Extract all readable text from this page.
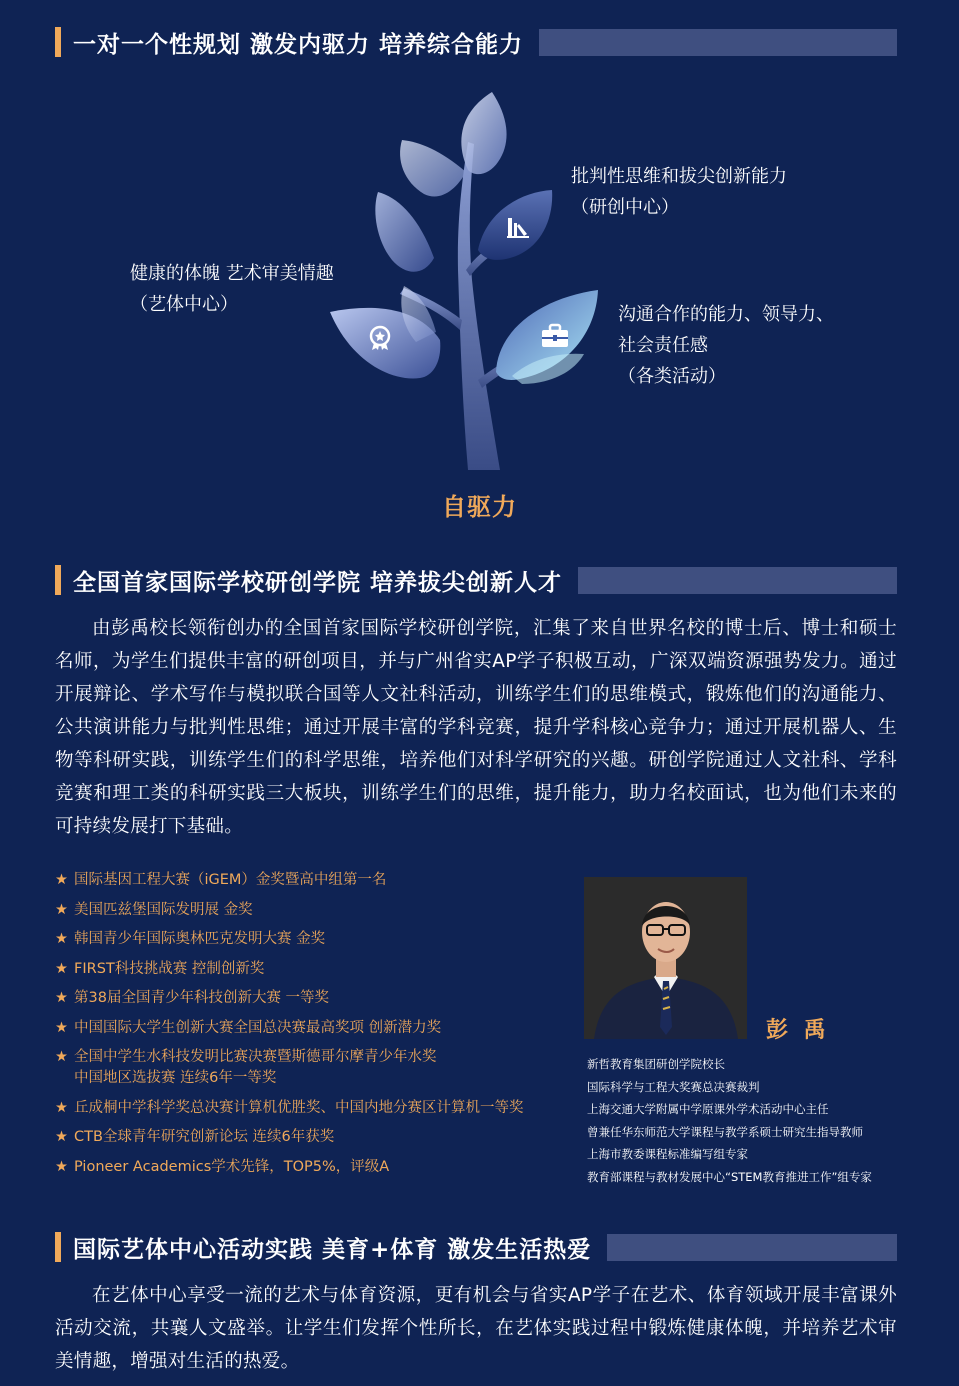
一对一个性规划 激发内驱力 培养综合能力
批判性思维和拔尖创新能力
（研创中心）
健康的体魄 艺术审美情趣
（艺体中心）	沟通合作的能力、领导力、
社会责任感
（各类活动）
自驱力
全国首家国际学校研创学院 培养拔尖创新人才
由彭禹校长领衔创办的全国首家国际学校研创学院，汇集了来自世界名校的博士后、博士和硕士名师，为学生们提供丰富的研创项目，并与广州省实AP学子积极互动，广深双端资源强势发力。通过开展辩论、学术写作与模拟联合国等人文社科活动，训练学生们的思维模式，锻炼他们的沟通能力、公共演讲能力与批判性思维；通过开展丰富的学科竞赛，提升学科核心竞争力；通过开展机器人、生物等科研实践，训练学生们的科学思维，培养他们对科学研究的兴趣。研创学院通过人文社科、学科竞赛和理工类的科研实践三大板块，训练学生们的思维，提升能力，助力名校面试，也为他们未来的可持续发展打下基础。
★ 国际基因工程大赛（iGEM）金奖暨高中组第一名
★ 美国匹兹堡国际发明展 金奖
★ 韩国青少年国际奥林匹克发明大赛 金奖
★ FIRST科技挑战赛 控制创新奖
★ 第38届全国青少年科技创新大赛 一等奖
★ 中国国际大学生创新大赛全国总决赛最高奖项 创新潜力奖
★ 全国中学生水科技发明比赛决赛暨斯德哥尔摩青少年水奖
中国地区选拔赛 连续6年一等奖
★ 丘成桐中学科学奖总决赛计算机优胜奖、中国内地分赛区计算机一等奖
★ CTB全球青年研究创新论坛 连续6年获奖
★ Pioneer Academics学术先锋，TOP5%，评级A
彭 禹
新哲教育集团研创学院校长
国际科学与工程大奖赛总决赛裁判
上海交通大学附属中学原课外学术活动中心主任
曾兼任华东师范大学课程与教学系硕士研究生指导教师
上海市教委课程标准编写组专家
教育部课程与教材发展中心“STEM教育推进工作”组专家
国际艺体中心活动实践 美育+体育 激发生活热爱
在艺体中心享受一流的艺术与体育资源，更有机会与省实AP学子在艺术、体育领域开展丰富课外活动交流，共襄人文盛举。让学生们发挥个性所长，在艺体实践过程中锻炼健康体魄，并培养艺术审美情趣，增强对生活的热爱。
